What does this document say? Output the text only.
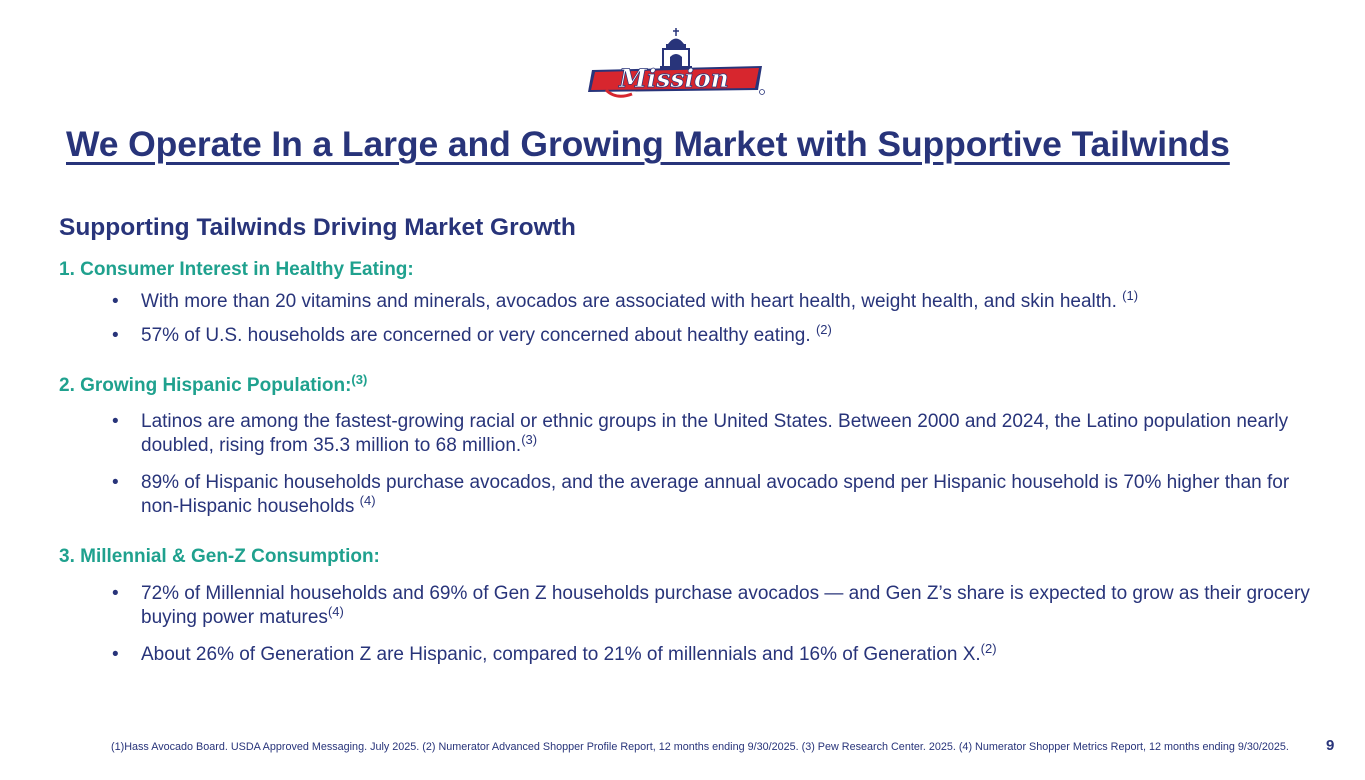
Mission
We Operate In a Large and Growing Market with Supportive Tailwinds
Supporting Tailwinds Driving Market Growth
1. Consumer Interest in Healthy Eating:
• With more than 20 vitamins and minerals, avocados are associated with heart health, weight health, and skin health. $^{(1)}$
• 57% of U.S. households are concerned or very concerned about healthy eating. $^{(2)}$
2. Growing Hispanic Population:$^{(3)}$
• Latinos are among the fastest-growing racial or ethnic groups in the United States. Between 2000 and 2024, the Latino population nearly doubled, rising from 35.3 million to 68 million.$^{(3)}$
• 89% of Hispanic households purchase avocados, and the average annual avocado spend per Hispanic household is 70% higher than for non-Hispanic households $^{(4)}$
3. Millennial & Gen-Z Consumption:
• 72% of Millennial households and 69% of Gen Z households purchase avocados — and Gen Z’s share is expected to grow as their grocery buying power matures$^{(4)}$
• About 26% of Generation Z are Hispanic, compared to 21% of millennials and 16% of Generation X.$^{(2)}$
(1)Hass Avocado Board. USDA Approved Messaging. July 2025. (2) Numerator Advanced Shopper Profile Report, 12 months ending 9/30/2025. (3) Pew Research Center. 2025. (4) Numerator Shopper Metrics Report, 12 months ending 9/30/2025. 9
